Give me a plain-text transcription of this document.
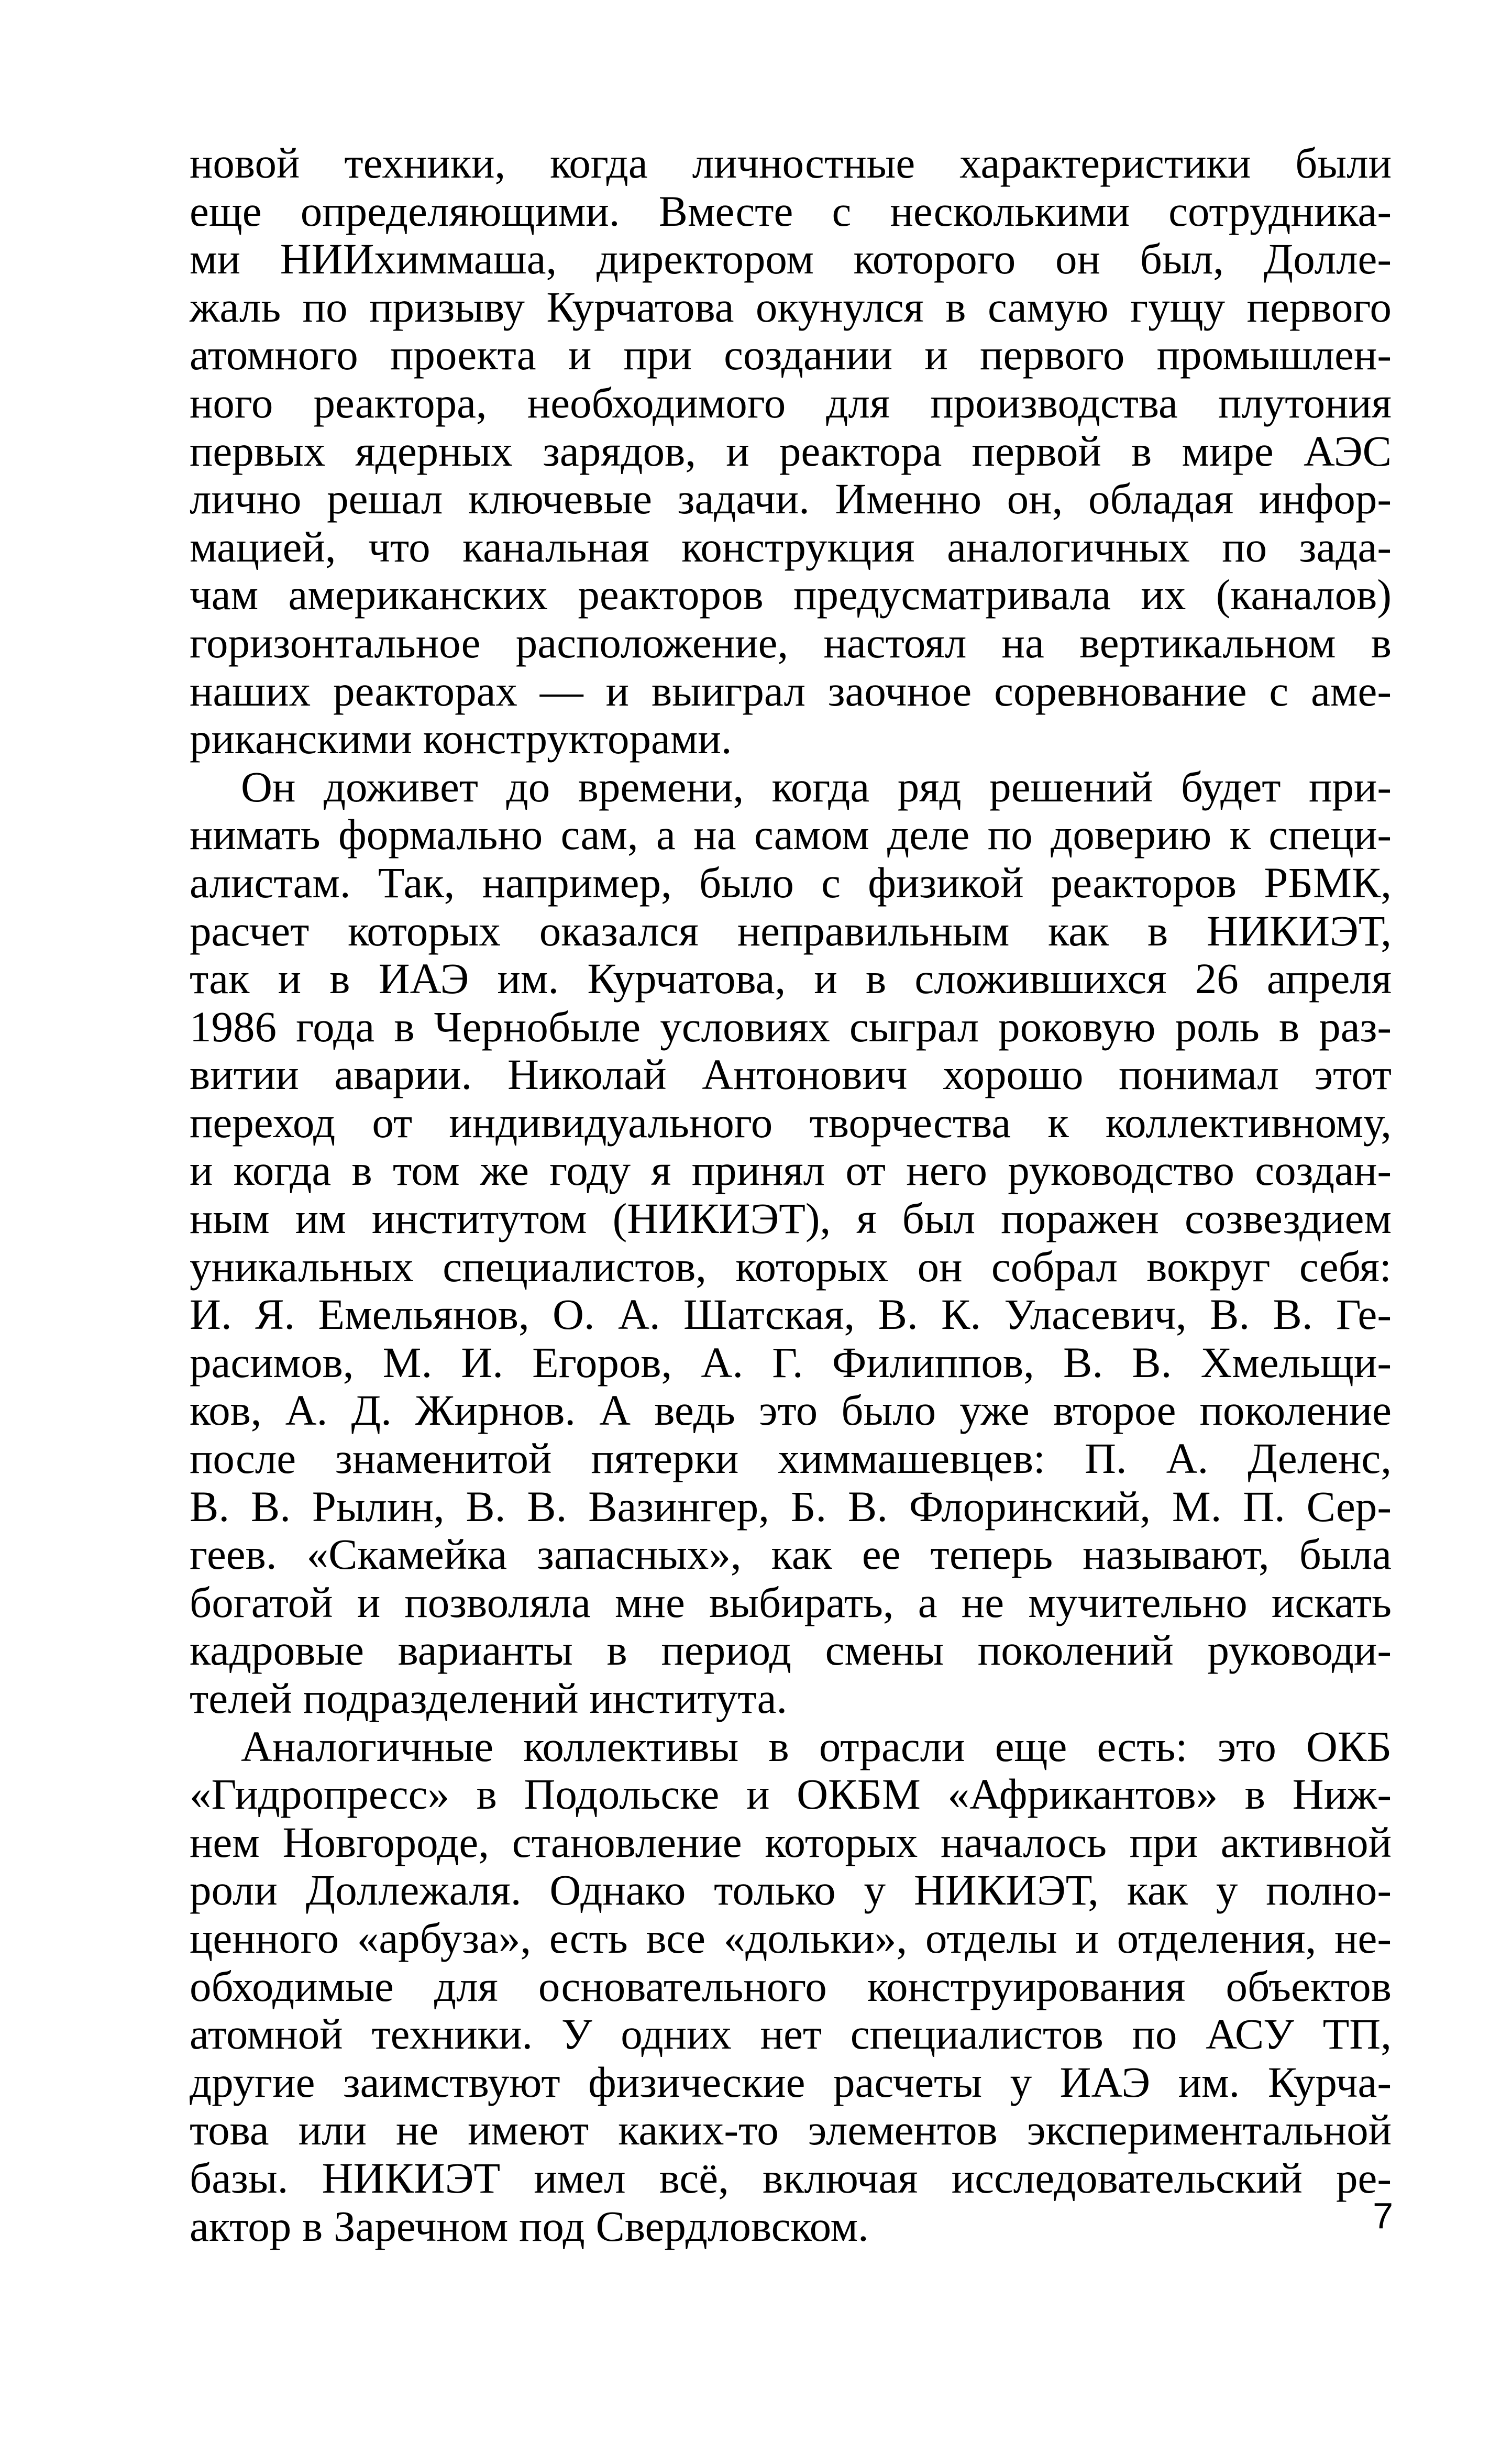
новой техники, когда личностные характеристики были
еще определяющими. Вместе с несколькими сотрудника-
ми НИИхиммаша, директором которого он был, Долле-
жаль по призыву Курчатова окунулся в самую гущу первого
атомного проекта и при создании и первого промышлен-
ного реактора, необходимого для производства плутония
первых ядерных зарядов, и реактора первой в мире АЭС
лично решал ключевые задачи. Именно он, обладая инфор-
мацией, что канальная конструкция аналогичных по зада-
чам американских реакторов предусматривала их (каналов)
горизонтальное расположение, настоял на вертикальном в
наших реакторах — и выиграл заочное соревнование с аме-
риканскими конструкторами.
Он доживет до времени, когда ряд решений будет при-
нимать формально сам, а на самом деле по доверию к специ-
алистам. Так, например, было с физикой реакторов РБМК,
расчет которых оказался неправильным как в НИКИЭТ,
так и в ИАЭ им. Курчатова, и в сложившихся 26 апреля
1986 года в Чернобыле условиях сыграл роковую роль в раз-
витии аварии. Николай Антонович хорошо понимал этот
переход от индивидуального творчества к коллективному,
и когда в том же году я принял от него руководство создан-
ным им институтом (НИКИЭТ), я был поражен созвездием
уникальных специалистов, которых он собрал вокруг себя:
И. Я. Емельянов, О. А. Шатская, В. К. Уласевич, В. В. Ге-
расимов, М. И. Егоров, А. Г. Филиппов, В. В. Хмельщи-
ков, А. Д. Жирнов. А ведь это было уже второе поколение
после знаменитой пятерки химмашевцев: П. А. Деленс,
В. В. Рылин, В. В. Вазингер, Б. В. Флоринский, М. П. Сер-
геев. «Скамейка запасных», как ее теперь называют, была
богатой и позволяла мне выбирать, а не мучительно искать
кадровые варианты в период смены поколений руководи-
телей подразделений института.
Аналогичные коллективы в отрасли еще есть: это ОКБ
«Гидропресс» в Подольске и ОКБМ «Африкантов» в Ниж-
нем Новгороде, становление которых началось при активной
роли Доллежаля. Однако только у НИКИЭТ, как у полно-
ценного «арбуза», есть все «дольки», отделы и отделения, не-
обходимые для основательного конструирования объектов
атомной техники. У одних нет специалистов по АСУ ТП,
другие заимствуют физические расчеты у ИАЭ им. Курча-
това или не имеют каких-то элементов экспериментальной
базы. НИКИЭТ имел всё, включая исследовательский ре-
актор в Заречном под Свердловском.	7
